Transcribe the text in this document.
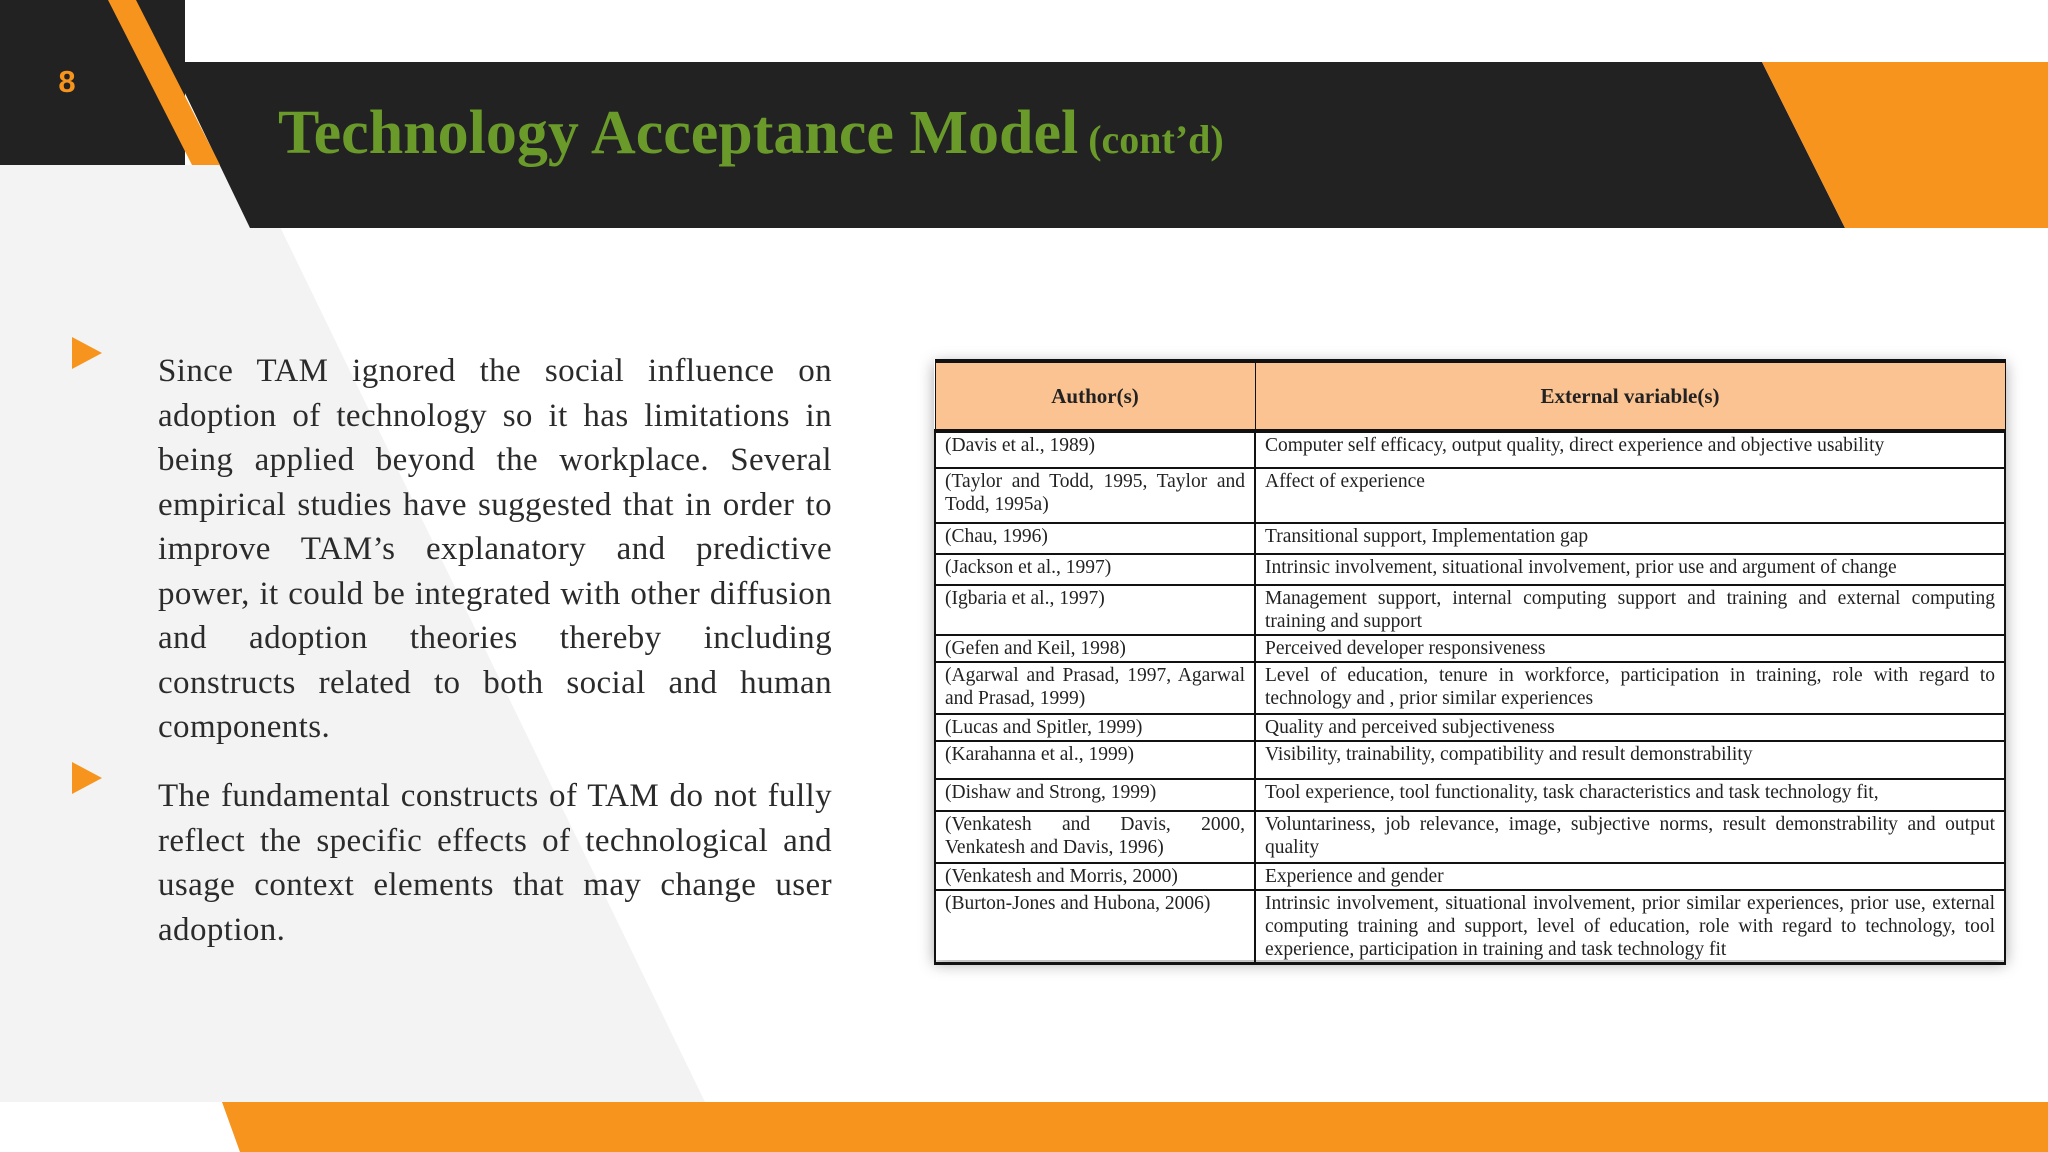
8
Technology Acceptance Model (cont’d)

Since TAM ignored the social influence on adoption of technology so it has limitations in being applied beyond the workplace. Several empirical studies have suggested that in order to improve TAM’s explanatory and predictive power, it could be integrated with other diffusion and adoption theories thereby including constructs related to both social and human components.

The fundamental constructs of TAM do not fully reflect the specific effects of technological and usage context elements that may change user adoption.

Author(s)	External variable(s)
(Davis et al., 1989)	Computer self efficacy, output quality, direct experience and objective usability
(Taylor and Todd, 1995, Taylor and Todd, 1995a)	Affect of experience
(Chau, 1996)	Transitional support, Implementation gap
(Jackson et al., 1997)	Intrinsic involvement, situational involvement, prior use and argument of change
(Igbaria et al., 1997)	Management support, internal computing support and training and external computing training and support
(Gefen and Keil, 1998)	Perceived developer responsiveness
(Agarwal and Prasad, 1997, Agarwal and Prasad, 1999)	Level of education, tenure in workforce, participation in training, role with regard to technology and , prior similar experiences
(Lucas and Spitler, 1999)	Quality and perceived subjectiveness
(Karahanna et al., 1999)	Visibility, trainability, compatibility and result demonstrability
(Dishaw and Strong, 1999)	Tool experience, tool functionality, task characteristics and task technology fit,
(Venkatesh and Davis, 2000, Venkatesh and Davis, 1996)	Voluntariness, job relevance, image, subjective norms, result demonstrability and output quality
(Venkatesh and Morris, 2000)	Experience and gender
(Burton-Jones and Hubona, 2006)	Intrinsic involvement, situational involvement, prior similar experiences, prior use, external computing training and support, level of education, role with regard to technology, tool experience, participation in training and task technology fit
